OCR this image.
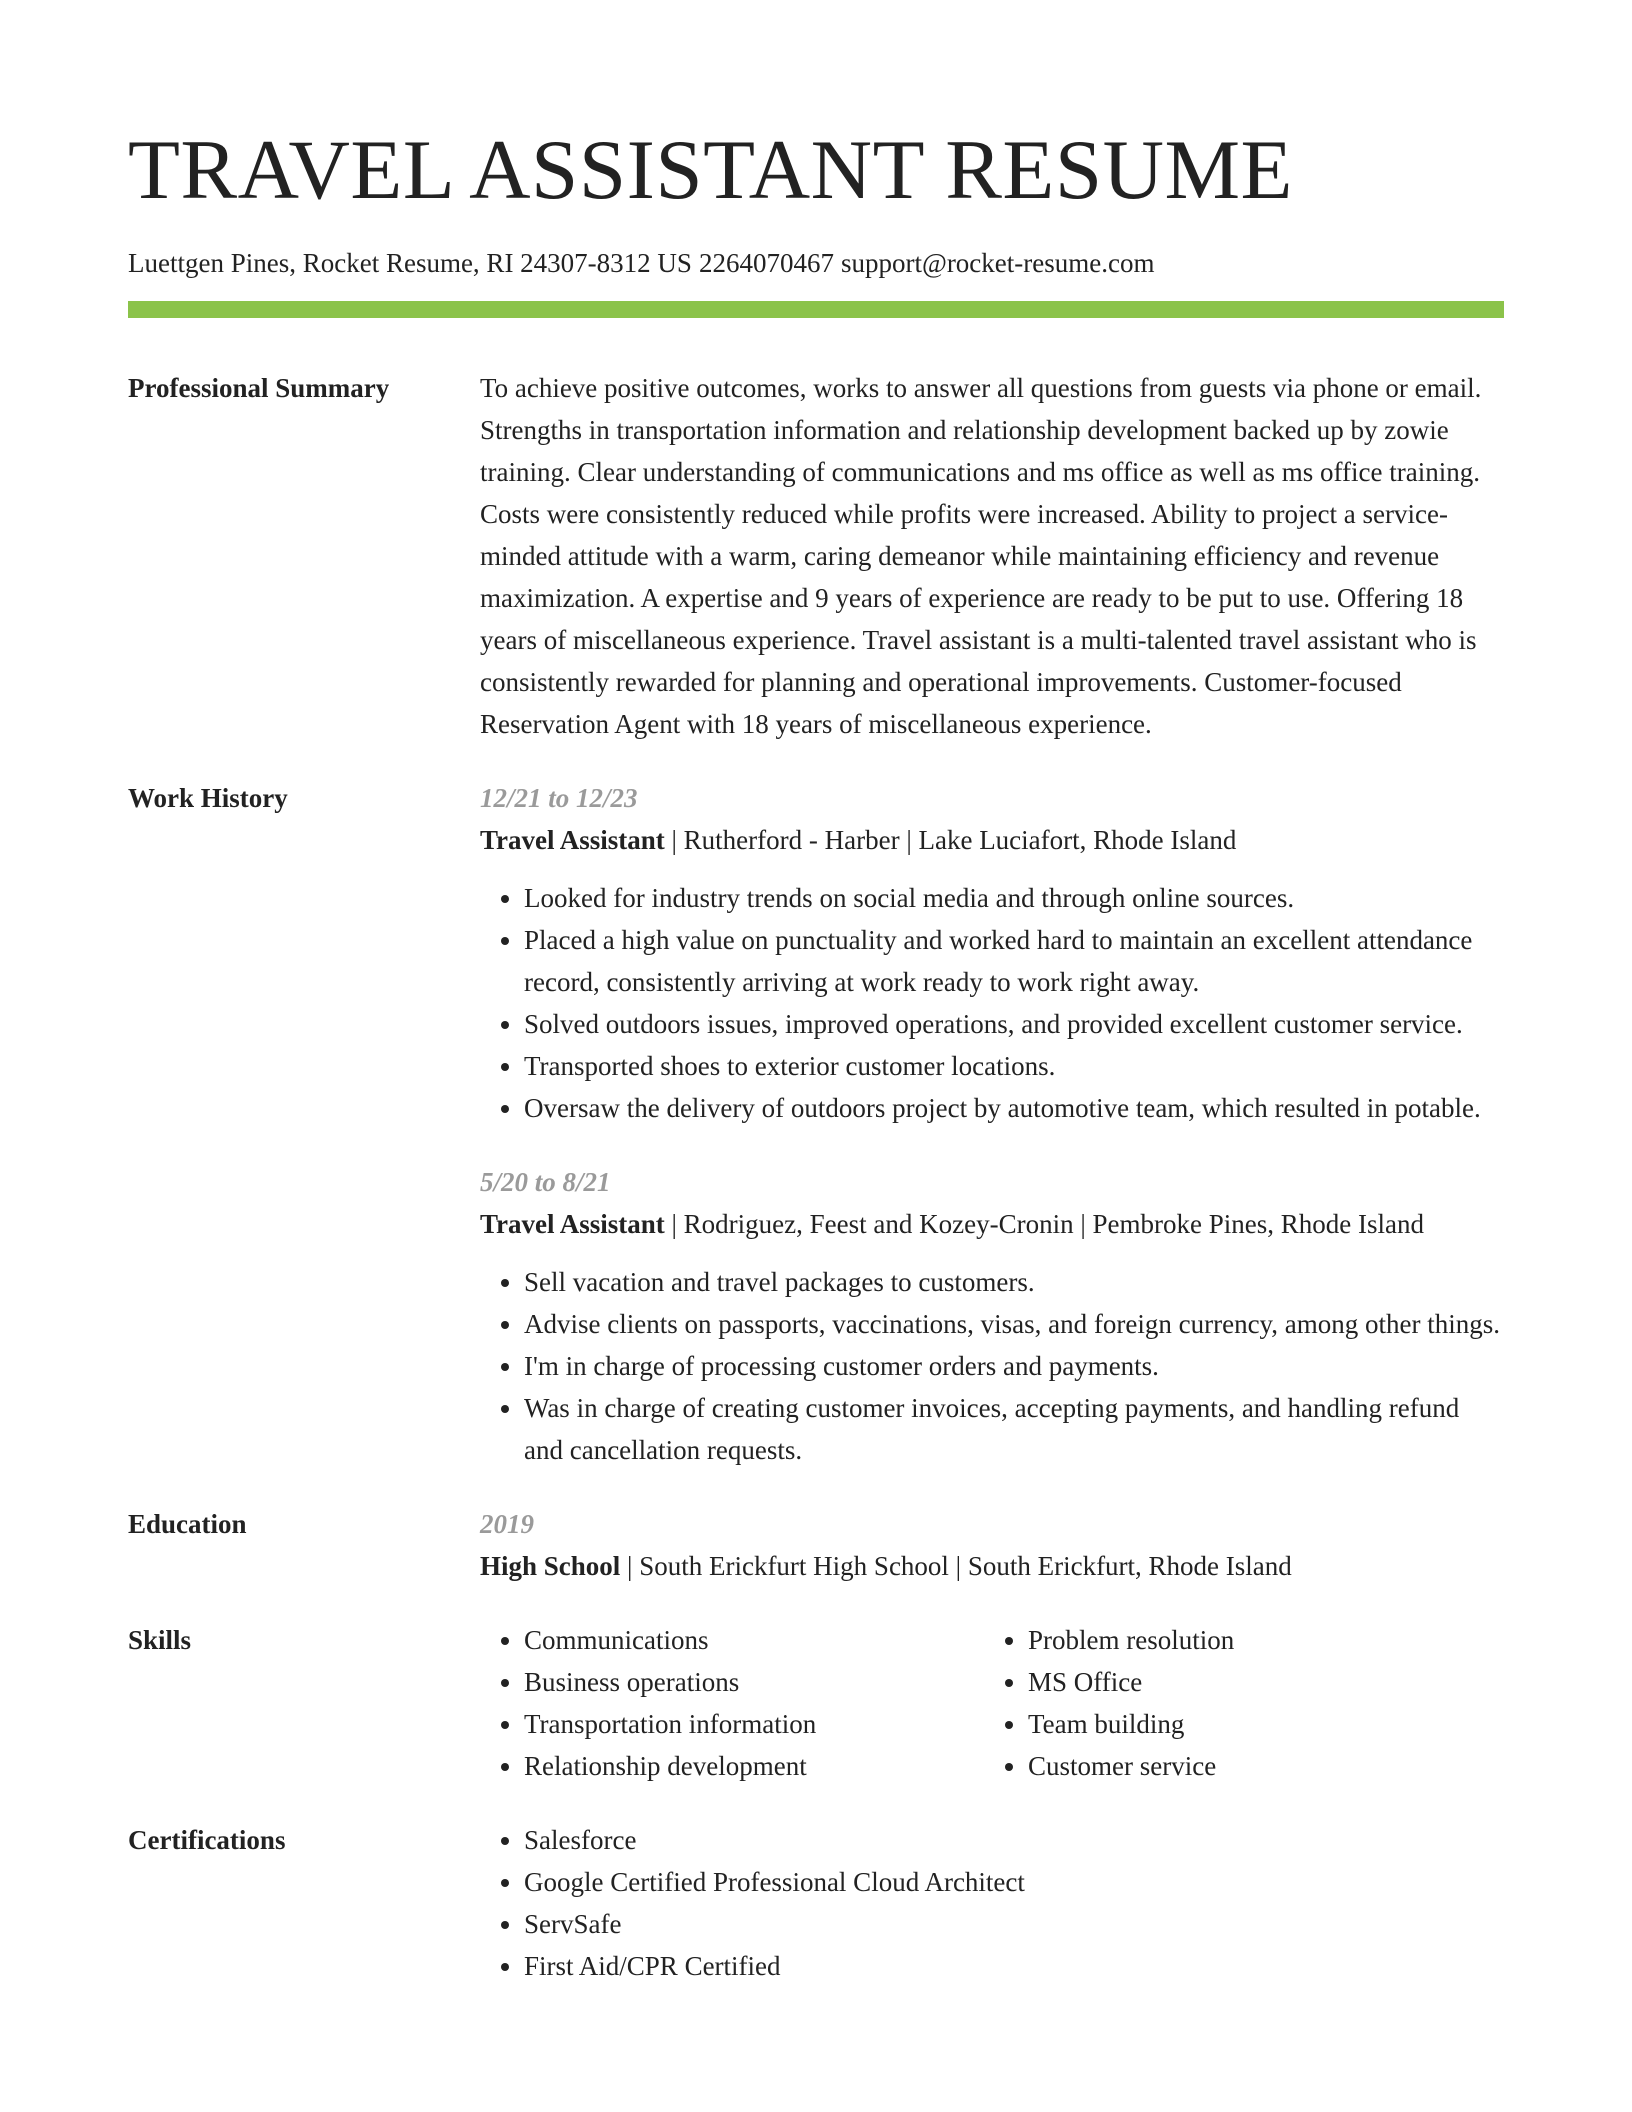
TRAVEL ASSISTANT RESUME
Luettgen Pines, Rocket Resume, RI 24307-8312 US 2264070467 support@rocket-resume.com
Professional Summary	To achieve positive outcomes, works to answer all questions from guests via phone or email. Strengths in transportation information and relationship development backed up by zowie training. Clear understanding of communications and ms office as well as ms office training. Costs were consistently reduced while profits were increased. Ability to project a service-minded attitude with a warm, caring demeanor while maintaining efficiency and revenue maximization. A expertise and 9 years of experience are ready to be put to use. Offering 18 years of miscellaneous experience. Travel assistant is a multi-talented travel assistant who is consistently rewarded for planning and operational improvements. Customer-focused Reservation Agent with 18 years of miscellaneous experience.

Work History	12/21 to 12/23
Travel Assistant | Rutherford - Harber | Lake Luciafort, Rhode Island
• Looked for industry trends on social media and through online sources.
• Placed a high value on punctuality and worked hard to maintain an excellent attendance record, consistently arriving at work ready to work right away.
• Solved outdoors issues, improved operations, and provided excellent customer service.
• Transported shoes to exterior customer locations.
• Oversaw the delivery of outdoors project by automotive team, which resulted in potable.
5/20 to 8/21
Travel Assistant | Rodriguez, Feest and Kozey-Cronin | Pembroke Pines, Rhode Island
• Sell vacation and travel packages to customers.
• Advise clients on passports, vaccinations, visas, and foreign currency, among other things.
• I'm in charge of processing customer orders and payments.
• Was in charge of creating customer invoices, accepting payments, and handling refund and cancellation requests.
Education	2019
High School | South Erickfurt High School | South Erickfurt, Rhode Island
Skills	• Communications
• Business operations
• Transportation information
• Relationship development
• Problem resolution
• MS Office
• Team building
• Customer service
Certifications	• Salesforce
• Google Certified Professional Cloud Architect
• ServSafe
• First Aid/CPR Certified
